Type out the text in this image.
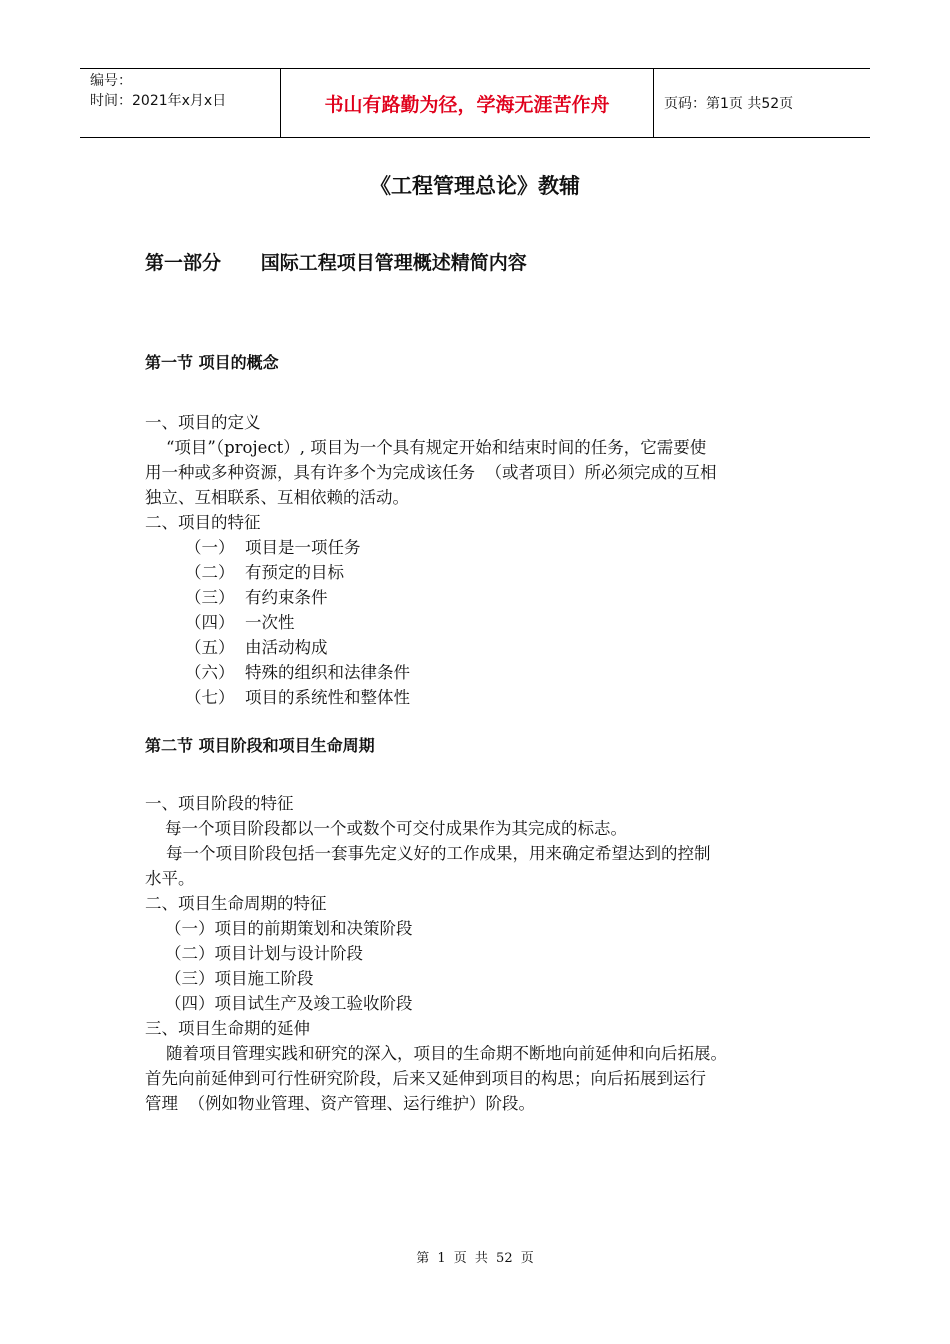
编号：
时间：2021年x月x日	书山有路勤为径，学海无涯苦作舟	页码：第1页 共52页
《工程管理总论》教辅
第一部分      国际工程项目管理概述精简内容
第一节 项目的概念
一、项目的定义
“项目”（project）, 项目为一个具有规定开始和结束时间的任务，它需要使
用一种或多种资源，具有许多个为完成该任务  （或者项目）所必须完成的互相
独立、互相联系、互相依赖的活动。
二、项目的特征
（一） 项目是一项任务
（二） 有预定的目标
（三） 有约束条件
（四） 一次性
（五） 由活动构成
（六） 特殊的组织和法律条件
（七） 项目的系统性和整体性
第二节 项目阶段和项目生命周期
一、项目阶段的特征
每一个项目阶段都以一个或数个可交付成果作为其完成的标志。
每一个项目阶段包括一套事先定义好的工作成果，用来确定希望达到的控制
水平。
二、项目生命周期的特征
（一）项目的前期策划和决策阶段
（二）项目计划与设计阶段
（三）项目施工阶段
（四）项目试生产及竣工验收阶段
三、项目生命期的延伸
随着项目管理实践和研究的深入，项目的生命期不断地向前延伸和向后拓展。
首先向前延伸到可行性研究阶段，后来又延伸到项目的构思；向后拓展到运行
管理  （例如物业管理、资产管理、运行维护）阶段。
第 1 页 共 52 页
